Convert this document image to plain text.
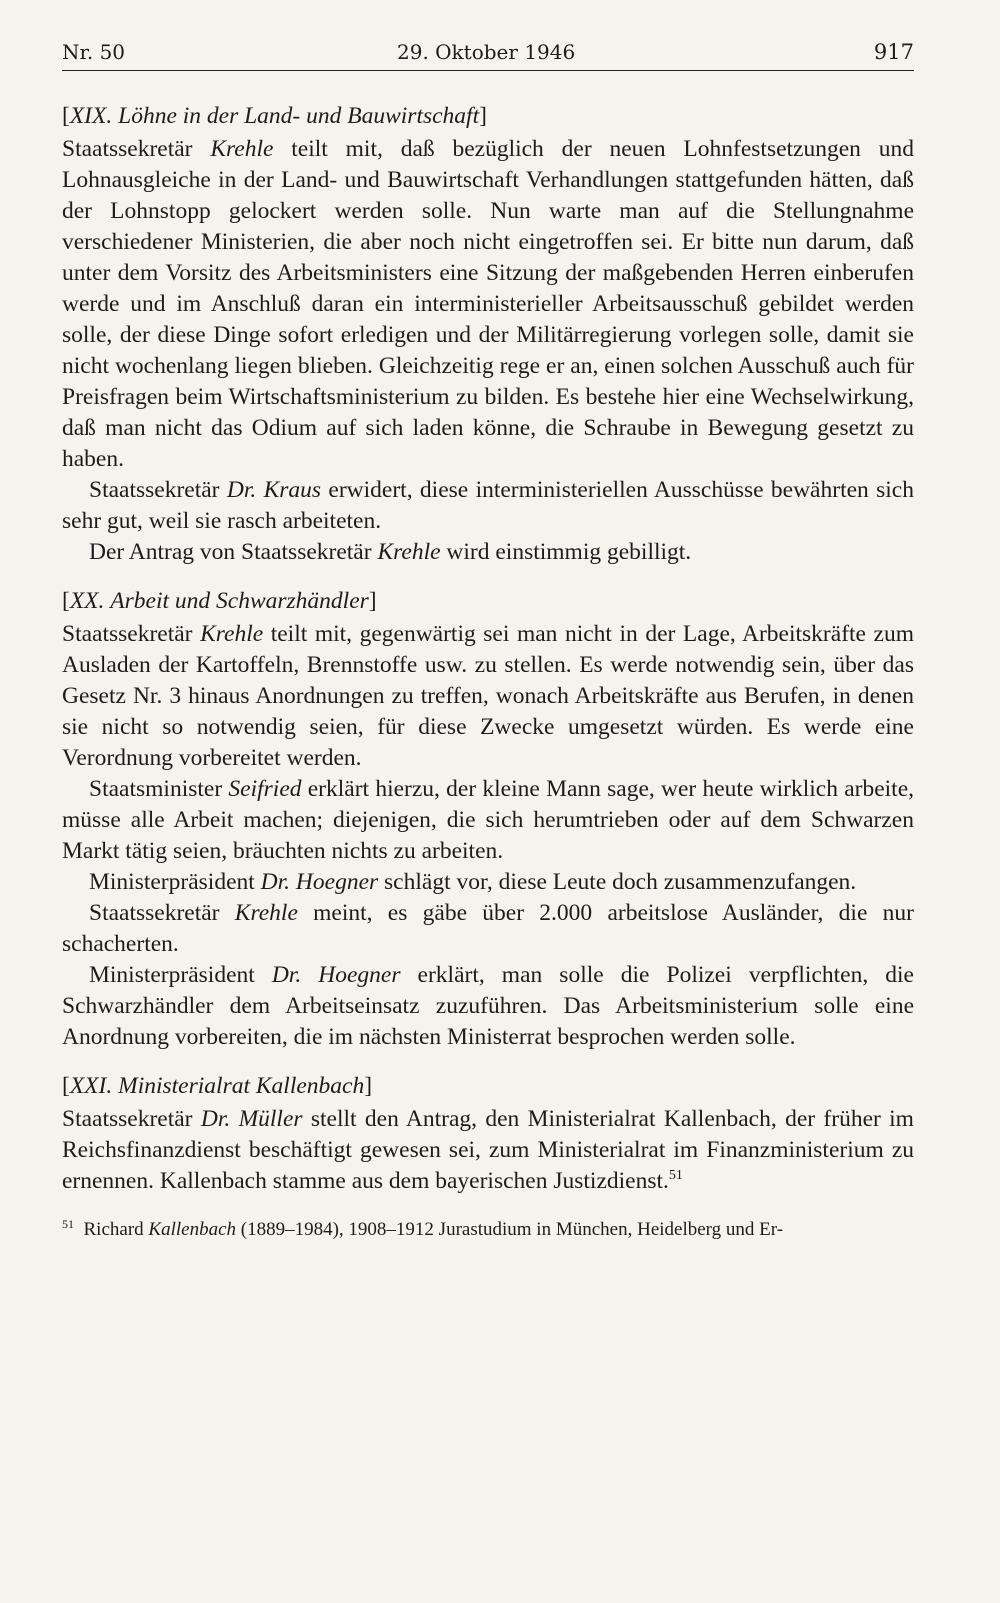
Nr. 50	29. Oktober 1946	917
[XIX. Löhne in der Land- und Bauwirtschaft]

Staatssekretär Krehle teilt mit, daß bezüglich der neuen Lohnfestsetzungen und Lohnausgleiche in der Land- und Bauwirtschaft Verhandlungen stattgefunden hätten, daß der Lohnstopp gelockert werden solle. Nun warte man auf die Stellungnahme verschiedener Ministerien, die aber noch nicht eingetroffen sei. Er bitte nun darum, daß unter dem Vorsitz des Arbeitsministers eine Sitzung der maßgebenden Herren einberufen werde und im Anschluß daran ein interministerieller Arbeitsausschuß gebildet werden solle, der diese Dinge sofort erledigen und der Militärregierung vorlegen solle, damit sie nicht wochenlang liegen blieben. Gleichzeitig rege er an, einen solchen Ausschuß auch für Preisfragen beim Wirtschaftsministerium zu bilden. Es bestehe hier eine Wechselwirkung, daß man nicht das Odium auf sich laden könne, die Schraube in Bewegung gesetzt zu haben.

Staatssekretär Dr. Kraus erwidert, diese interministeriellen Ausschüsse bewährten sich sehr gut, weil sie rasch arbeiteten.

Der Antrag von Staatssekretär Krehle wird einstimmig gebilligt.

[XX. Arbeit und Schwarzhändler]

Staatssekretär Krehle teilt mit, gegenwärtig sei man nicht in der Lage, Arbeitskräfte zum Ausladen der Kartoffeln, Brennstoffe usw. zu stellen. Es werde notwendig sein, über das Gesetz Nr. 3 hinaus Anordnungen zu treffen, wonach Arbeitskräfte aus Berufen, in denen sie nicht so notwendig seien, für diese Zwecke umgesetzt würden. Es werde eine Verordnung vorbereitet werden.

Staatsminister Seifried erklärt hierzu, der kleine Mann sage, wer heute wirklich arbeite, müsse alle Arbeit machen; diejenigen, die sich herumtrieben oder auf dem Schwarzen Markt tätig seien, bräuchten nichts zu arbeiten.

Ministerpräsident Dr. Hoegner schlägt vor, diese Leute doch zusammenzufangen.

Staatssekretär Krehle meint, es gäbe über 2.000 arbeitslose Ausländer, die nur schacherten.

Ministerpräsident Dr. Hoegner erklärt, man solle die Polizei verpflichten, die Schwarzhändler dem Arbeitseinsatz zuzuführen. Das Arbeitsministerium solle eine Anordnung vorbereiten, die im nächsten Ministerrat besprochen werden solle.

[XXI. Ministerialrat Kallenbach]

Staatssekretär Dr. Müller stellt den Antrag, den Ministerialrat Kallenbach, der früher im Reichsfinanzdienst beschäftigt gewesen sei, zum Ministerialrat im Finanzministerium zu ernennen. Kallenbach stamme aus dem bayerischen Justizdienst.$^{51}$

$^{51}$ Richard Kallenbach (1889–1984), 1908–1912 Jurastudium in München, Heidelberg und Er-
